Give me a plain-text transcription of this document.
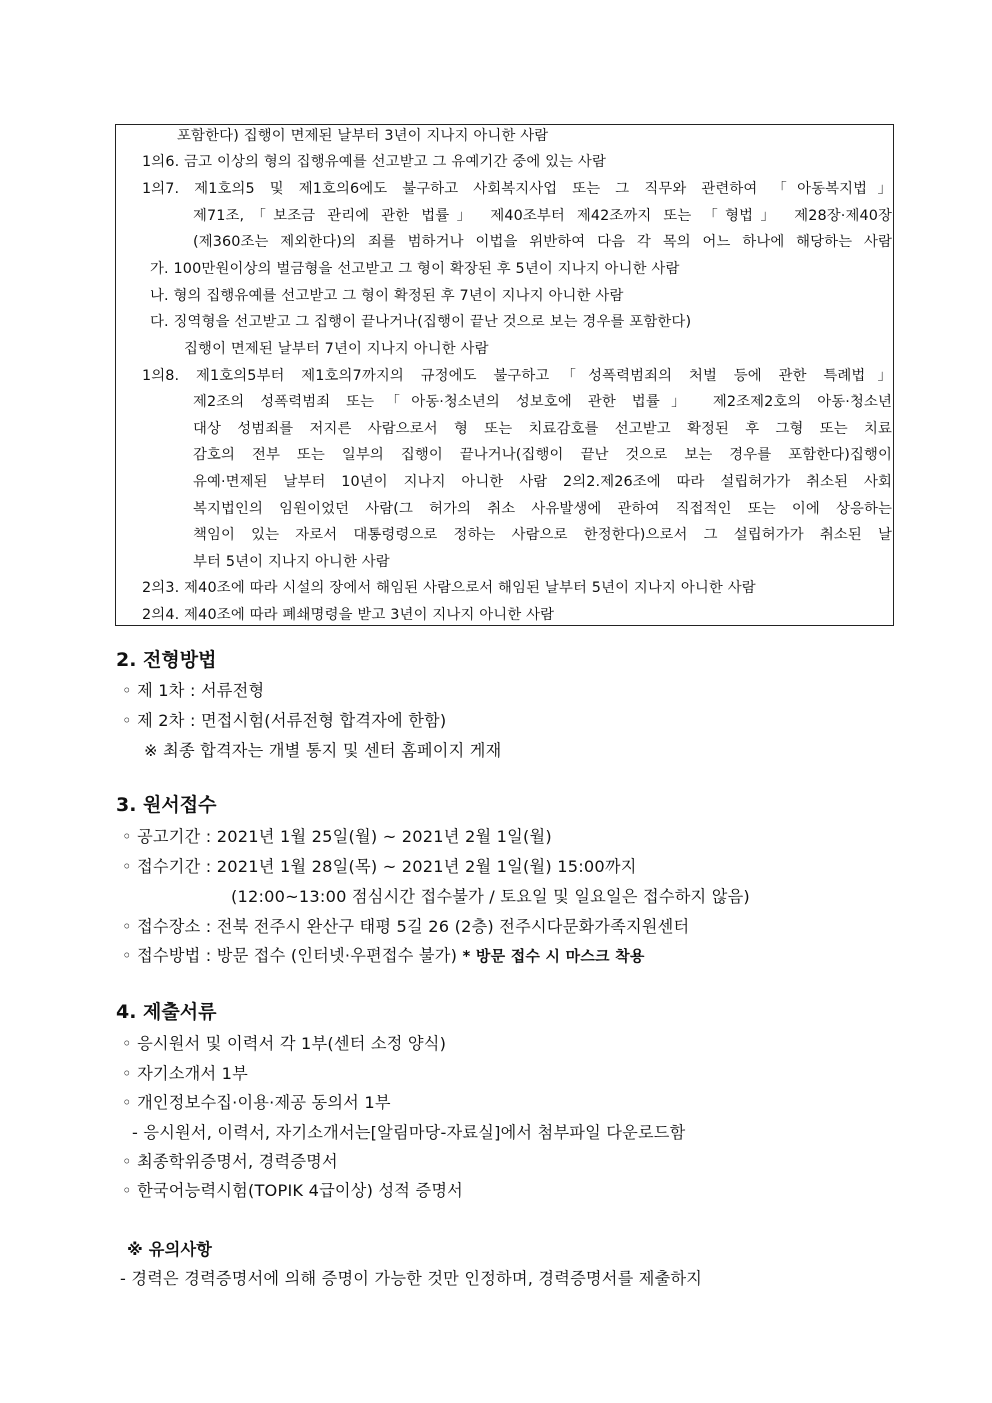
포함한다) 집행이 면제된 날부터 3년이 지나지 아니한 사람
1의6. 금고 이상의 형의 집행유예를 선고받고 그 유예기간 중에 있는 사람
1의7. 제1호의5 및 제1호의6에도 불구하고 사회복지사업 또는 그 직무와 관련하여 「아동복지법」
제71조,「보조금 관리에 관한 법률」 제40조부터 제42조까지 또는 「형법」 제28장·제40장
(제360조는 제외한다)의 죄를 범하거나 이법을 위반하여 다음 각 목의 어느 하나에 해당하는 사람
가. 100만원이상의 벌금형을 선고받고 그 형이 확장된 후 5년이 지나지 아니한 사람
나. 형의 집행유예를 선고받고 그 형이 확정된 후 7년이 지나지 아니한 사람
다. 징역형을 선고받고 그 집행이 끝나거나(집행이 끝난 것으로 보는 경우를 포함한다)
집행이 면제된 날부터 7년이 지나지 아니한 사람
1의8. 제1호의5부터 제1호의7까지의 규정에도 불구하고「성폭력범죄의 처벌 등에 관한 특례법」
제2조의 성폭력범죄 또는「아동·청소년의 성보호에 관한 법률」 제2조제2호의 아동·청소년
대상 성범죄를 저지른 사람으로서 형 또는 치료감호를 선고받고 확정된 후 그형 또는 치료
감호의 전부 또는 일부의 집행이 끝나거나(집행이 끝난 것으로 보는 경우를 포함한다)집행이
유예·면제된 날부터 10년이 지나지 아니한 사람 2의2.제26조에 따라 설립허가가 취소된 사회
복지법인의 임원이었던 사람(그 허가의 취소 사유발생에 관하여 직접적인 또는 이에 상응하는
책임이 있는 자로서 대통령령으로 정하는 사람으로 한정한다)으로서 그 설립허가가 취소된 날
부터 5년이 지나지 아니한 사람
2의3. 제40조에 따라 시설의 장에서 해임된 사람으로서 해임된 날부터 5년이 지나지 아니한 사람
2의4. 제40조에 따라 폐쇄명령을 받고 3년이 지나지 아니한 사람
2. 전형방법
◦ 제 1차 : 서류전형
◦ 제 2차 : 면접시험(서류전형 합격자에 한함)
※ 최종 합격자는 개별 통지 및 센터 홈페이지 게재
3. 원서접수
◦ 공고기간 : 2021년 1월 25일(월) ~ 2021년 2월 1일(월)
◦ 접수기간 : 2021년 1월 28일(목) ~ 2021년 2월 1일(월) 15:00까지
(12:00~13:00 점심시간 접수불가 / 토요일 및 일요일은 접수하지 않음)
◦ 접수장소 : 전북 전주시 완산구 태평 5길 26 (2층) 전주시다문화가족지원센터
◦ 접수방법 : 방문 접수 (인터넷·우편접수 불가) * 방문 접수 시 마스크 착용
4. 제출서류
◦ 응시원서 및 이력서 각 1부(센터 소정 양식)
◦ 자기소개서 1부
◦ 개인정보수집·이용·제공 동의서 1부
- 응시원서, 이력서, 자기소개서는[알림마당-자료실]에서 첨부파일 다운로드함
◦ 최종학위증명서, 경력증명서
◦ 한국어능력시험(TOPIK 4급이상) 성적 증명서
※ 유의사항
- 경력은 경력증명서에 의해 증명이 가능한 것만 인정하며, 경력증명서를 제출하지
